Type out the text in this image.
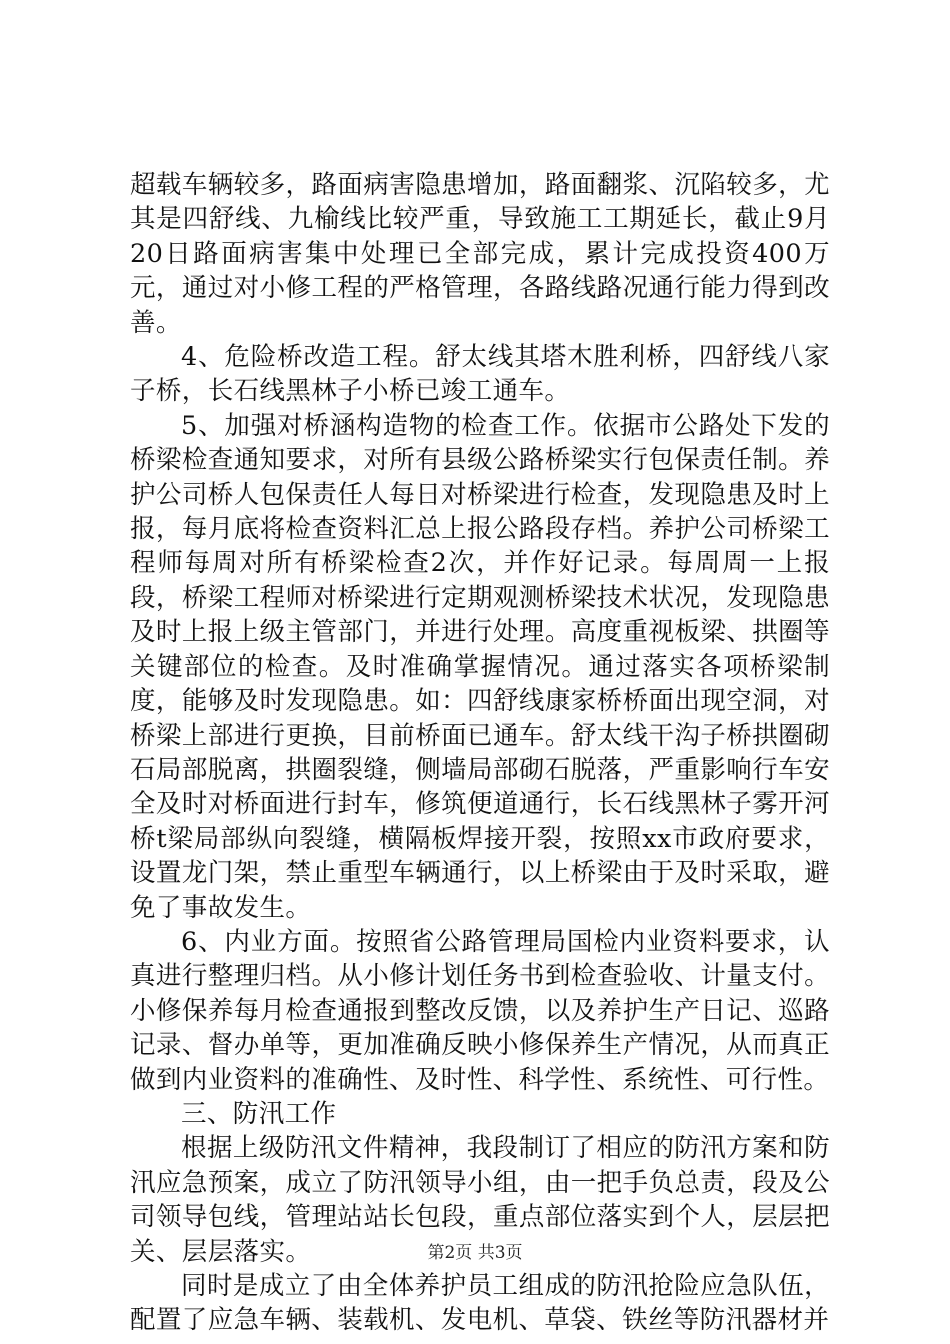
超载车辆较多，路面病害隐患增加，路面翻浆、沉陷较多，尤其是四舒线、九榆线比较严重，导致施工工期延长，截止9月20日路面病害集中处理已全部完成，累计完成投资400万元，通过对小修工程的严格管理，各路线路况通行能力得到改善。

4、危险桥改造工程。舒太线其塔木胜利桥，四舒线八家子桥，长石线黑林子小桥已竣工通车。

5、加强对桥涵构造物的检查工作。依据市公路处下发的桥梁检查通知要求，对所有县级公路桥梁实行包保责任制。养护公司桥人包保责任人每日对桥梁进行检查，发现隐患及时上报，每月底将检查资料汇总上报公路段存档。养护公司桥梁工程师每周对所有桥梁检查2次，并作好记录。每周周一上报段，桥梁工程师对桥梁进行定期观测桥梁技术状况，发现隐患及时上报上级主管部门，并进行处理。高度重视板梁、拱圈等关键部位的检查。及时准确掌握情况。通过落实各项桥梁制度，能够及时发现隐患。如：四舒线康家桥桥面出现空洞，对桥梁上部进行更换，目前桥面已通车。舒太线干沟子桥拱圈砌石局部脱离，拱圈裂缝，侧墙局部砌石脱落，严重影响行车安全及时对桥面进行封车，修筑便道通行，长石线黑林子雾开河桥t梁局部纵向裂缝，横隔板焊接开裂，按照xx市政府要求，设置龙门架，禁止重型车辆通行，以上桥梁由于及时采取，避免了事故发生。

6、内业方面。按照省公路管理局国检内业资料要求，认真进行整理归档。从小修计划任务书到检查验收、计量支付。小修保养每月检查通报到整改反馈，以及养护生产日记、巡路记录、督办单等，更加准确反映小修保养生产情况，从而真正做到内业资料的准确性、及时性、科学性、系统性、可行性。

三、防汛工作

根据上级防汛文件精神，我段制订了相应的防汛方案和防汛应急预案，成立了防汛领导小组，由一把手负总责，段及公司领导包线，管理站站长包段，重点部位落实到个人，层层把关、层层落实。

同时是成立了由全体养护员工组成的防汛抢险应急队伍，配置了应急车辆、装载机、发电机、草袋、铁丝等防汛器材并

第2页 共3页
